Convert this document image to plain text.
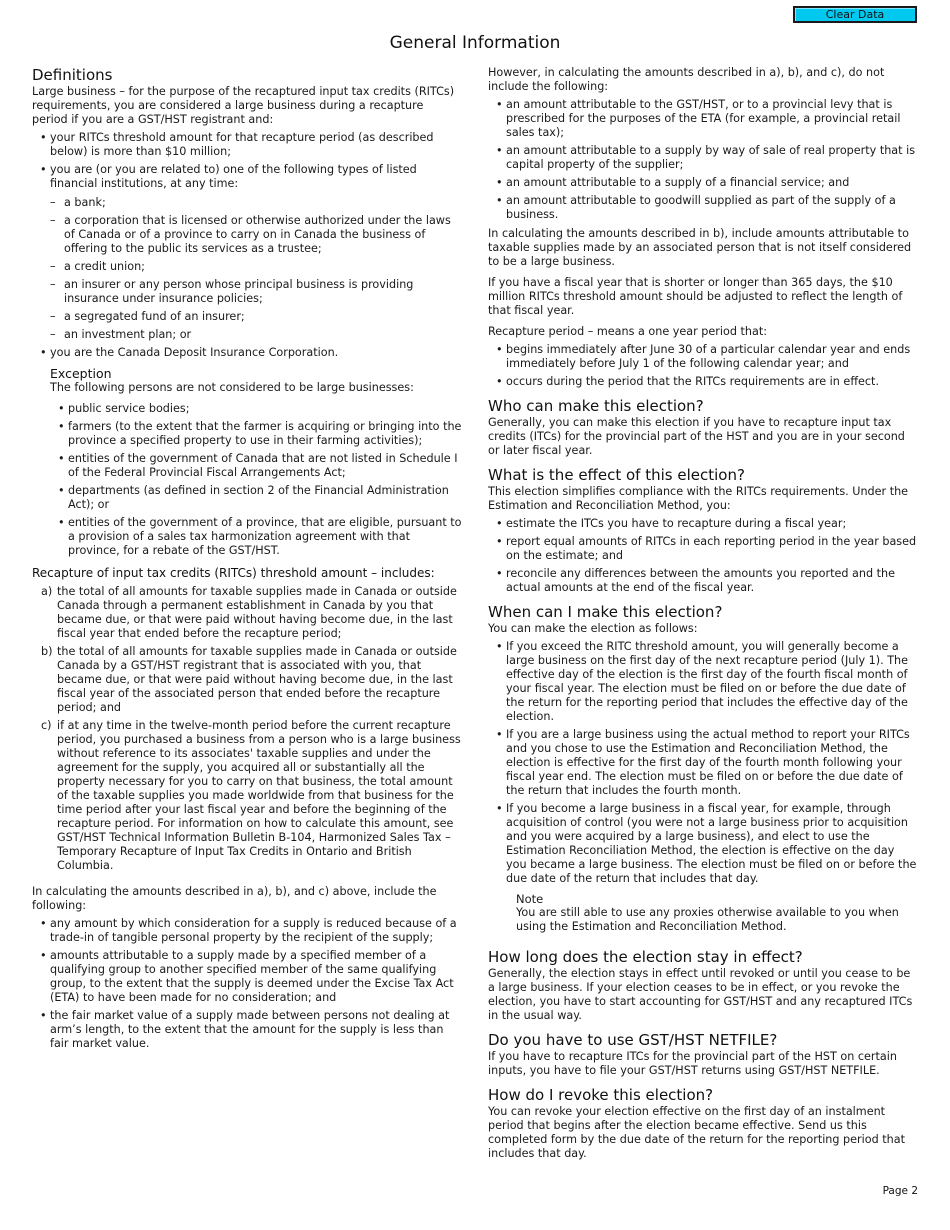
Clear Data
General Information
Definitions

Large business – for the purpose of the recaptured input tax credits (RITCs) requirements, you are considered a large business during a recapture period if you are a GST/HST registrant and:

• your RITCs threshold amount for that recapture period (as described below) is more than $10 million;
• you are (or you are related to) one of the following types of listed financial institutions, at any time:
– a bank;
– a corporation that is licensed or otherwise authorized under the laws of Canada or of a province to carry on in Canada the business of offering to the public its services as a trustee;
– a credit union;
– an insurer or any person whose principal business is providing insurance under insurance policies;
– a segregated fund of an insurer;
– an investment plan; or
• you are the Canada Deposit Insurance Corporation.
Exception

The following persons are not considered to be large businesses:

• public service bodies;
• farmers (to the extent that the farmer is acquiring or bringing into the province a specified property to use in their farming activities);
• entities of the government of Canada that are not listed in Schedule I of the Federal Provincial Fiscal Arrangements Act;
• departments (as defined in section 2 of the Financial Administration Act); or
• entities of the government of a province, that are eligible, pursuant to a provision of a sales tax harmonization agreement with that province, for a rebate of the GST/HST.
Recapture of input tax credits (RITCs) threshold amount – includes:
a) the total of all amounts for taxable supplies made in Canada or outside Canada through a permanent establishment in Canada by you that became due, or that were paid without having become due, in the last fiscal year that ended before the recapture period;
b) the total of all amounts for taxable supplies made in Canada or outside Canada by a GST/HST registrant that is associated with you, that became due, or that were paid without having become due, in the last fiscal year of the associated person that ended before the recapture period; and
c) if at any time in the twelve-month period before the current recapture period, you purchased a business from a person who is a large business without reference to its associates' taxable supplies and under the agreement for the supply, you acquired all or substantially all the property necessary for you to carry on that business, the total amount of the taxable supplies you made worldwide from that business for the time period after your last fiscal year and before the beginning of the recapture period. For information on how to calculate this amount, see GST/HST Technical Information Bulletin B-104, Harmonized Sales Tax – Temporary Recapture of Input Tax Credits in Ontario and British Columbia.

In calculating the amounts described in a), b), and c) above, include the following:

• any amount by which consideration for a supply is reduced because of a trade-in of tangible personal property by the recipient of the supply;
• amounts attributable to a supply made by a specified member of a qualifying group to another specified member of the same qualifying group, to the extent that the supply is deemed under the Excise Tax Act (ETA) to have been made for no consideration; and
• the fair market value of a supply made between persons not dealing at arm’s length, to the extent that the amount for the supply is less than fair market value.

However, in calculating the amounts described in a), b), and c), do not include the following:

• an amount attributable to the GST/HST, or to a provincial levy that is prescribed for the purposes of the ETA (for example, a provincial retail sales tax);
• an amount attributable to a supply by way of sale of real property that is capital property of the supplier;
• an amount attributable to a supply of a financial service; and
• an amount attributable to goodwill supplied as part of the supply of a business.

In calculating the amounts described in b), include amounts attributable to taxable supplies made by an associated person that is not itself considered to be a large business.

If you have a fiscal year that is shorter or longer than 365 days, the $10 million RITCs threshold amount should be adjusted to reflect the length of that fiscal year.

Recapture period – means a one year period that:

• begins immediately after June 30 of a particular calendar year and ends immediately before July 1 of the following calendar year; and
• occurs during the period that the RITCs requirements are in effect.
Who can make this election?

Generally, you can make this election if you have to recapture input tax credits (ITCs) for the provincial part of the HST and you are in your second or later fiscal year.

What is the effect of this election?

This election simplifies compliance with the RITCs requirements. Under the Estimation and Reconciliation Method, you:

• estimate the ITCs you have to recapture during a fiscal year;
• report equal amounts of RITCs in each reporting period in the year based on the estimate; and
• reconcile any differences between the amounts you reported and the actual amounts at the end of the fiscal year.
When can I make this election?

You can make the election as follows:

• If you exceed the RITC threshold amount, you will generally become a large business on the first day of the next recapture period (July 1). The effective day of the election is the first day of the fourth fiscal month of your fiscal year. The election must be filed on or before the due date of the return for the reporting period that includes the effective day of the election.
• If you are a large business using the actual method to report your RITCs and you chose to use the Estimation and Reconciliation Method, the election is effective for the first day of the fourth month following your fiscal year end. The election must be filed on or before the due date of the return that includes the fourth month.
• If you become a large business in a fiscal year, for example, through acquisition of control (you were not a large business prior to acquisition and you were acquired by a large business), and elect to use the Estimation Reconciliation Method, the election is effective on the day you became a large business. The election must be filed on or before the due date of the return that includes that day.
Note

You are still able to use any proxies otherwise available to you when using the Estimation and Reconciliation Method.

How long does the election stay in effect?

Generally, the election stays in effect until revoked or until you cease to be a large business. If your election ceases to be in effect, or you revoke the election, you have to start accounting for GST/HST and any recaptured ITCs in the usual way.

Do you have to use GST/HST NETFILE?

If you have to recapture ITCs for the provincial part of the HST on certain inputs, you have to file your GST/HST returns using GST/HST NETFILE.

How do I revoke this election?

You can revoke your election effective on the first day of an instalment period that begins after the election became effective. Send us this completed form by the due date of the return for the reporting period that includes that day.

Page 2
